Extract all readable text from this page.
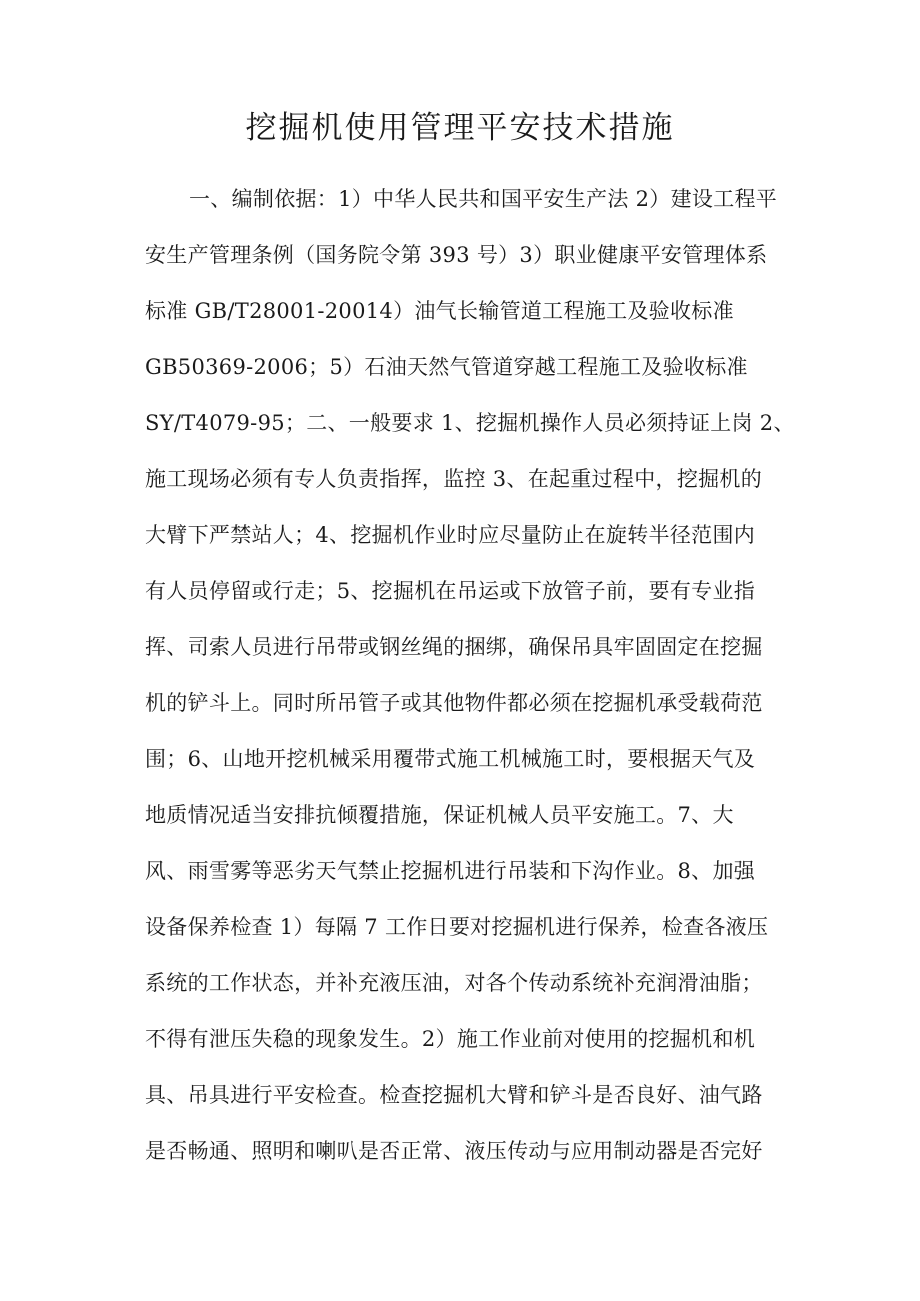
挖掘机使用管理平安技术措施
一、编制依据：1）中华人民共和国平安生产法 2）建设工程平
安生产管理条例（国务院令第 393 号）3）职业健康平安管理体系
标准 GB/T28001-20014）油气长输管道工程施工及验收标准
GB50369-2006；5）石油天然气管道穿越工程施工及验收标准
SY/T4079-95；二、一般要求 1、挖掘机操作人员必须持证上岗 2、
施工现场必须有专人负责指挥，监控 3、在起重过程中，挖掘机的
大臂下严禁站人；4、挖掘机作业时应尽量防止在旋转半径范围内
有人员停留或行走；5、挖掘机在吊运或下放管子前，要有专业指
挥、司索人员进行吊带或钢丝绳的捆绑，确保吊具牢固固定在挖掘
机的铲斗上。同时所吊管子或其他物件都必须在挖掘机承受载荷范
围；6、山地开挖机械采用覆带式施工机械施工时，要根据天气及
地质情况适当安排抗倾覆措施，保证机械人员平安施工。7、大
风、雨雪雾等恶劣天气禁止挖掘机进行吊装和下沟作业。8、加强
设备保养检查 1）每隔 7 工作日要对挖掘机进行保养，检查各液压
系统的工作状态，并补充液压油，对各个传动系统补充润滑油脂；
不得有泄压失稳的现象发生。2）施工作业前对使用的挖掘机和机
具、吊具进行平安检查。检查挖掘机大臂和铲斗是否良好、油气路
是否畅通、照明和喇叭是否正常、液压传动与应用制动器是否完好
